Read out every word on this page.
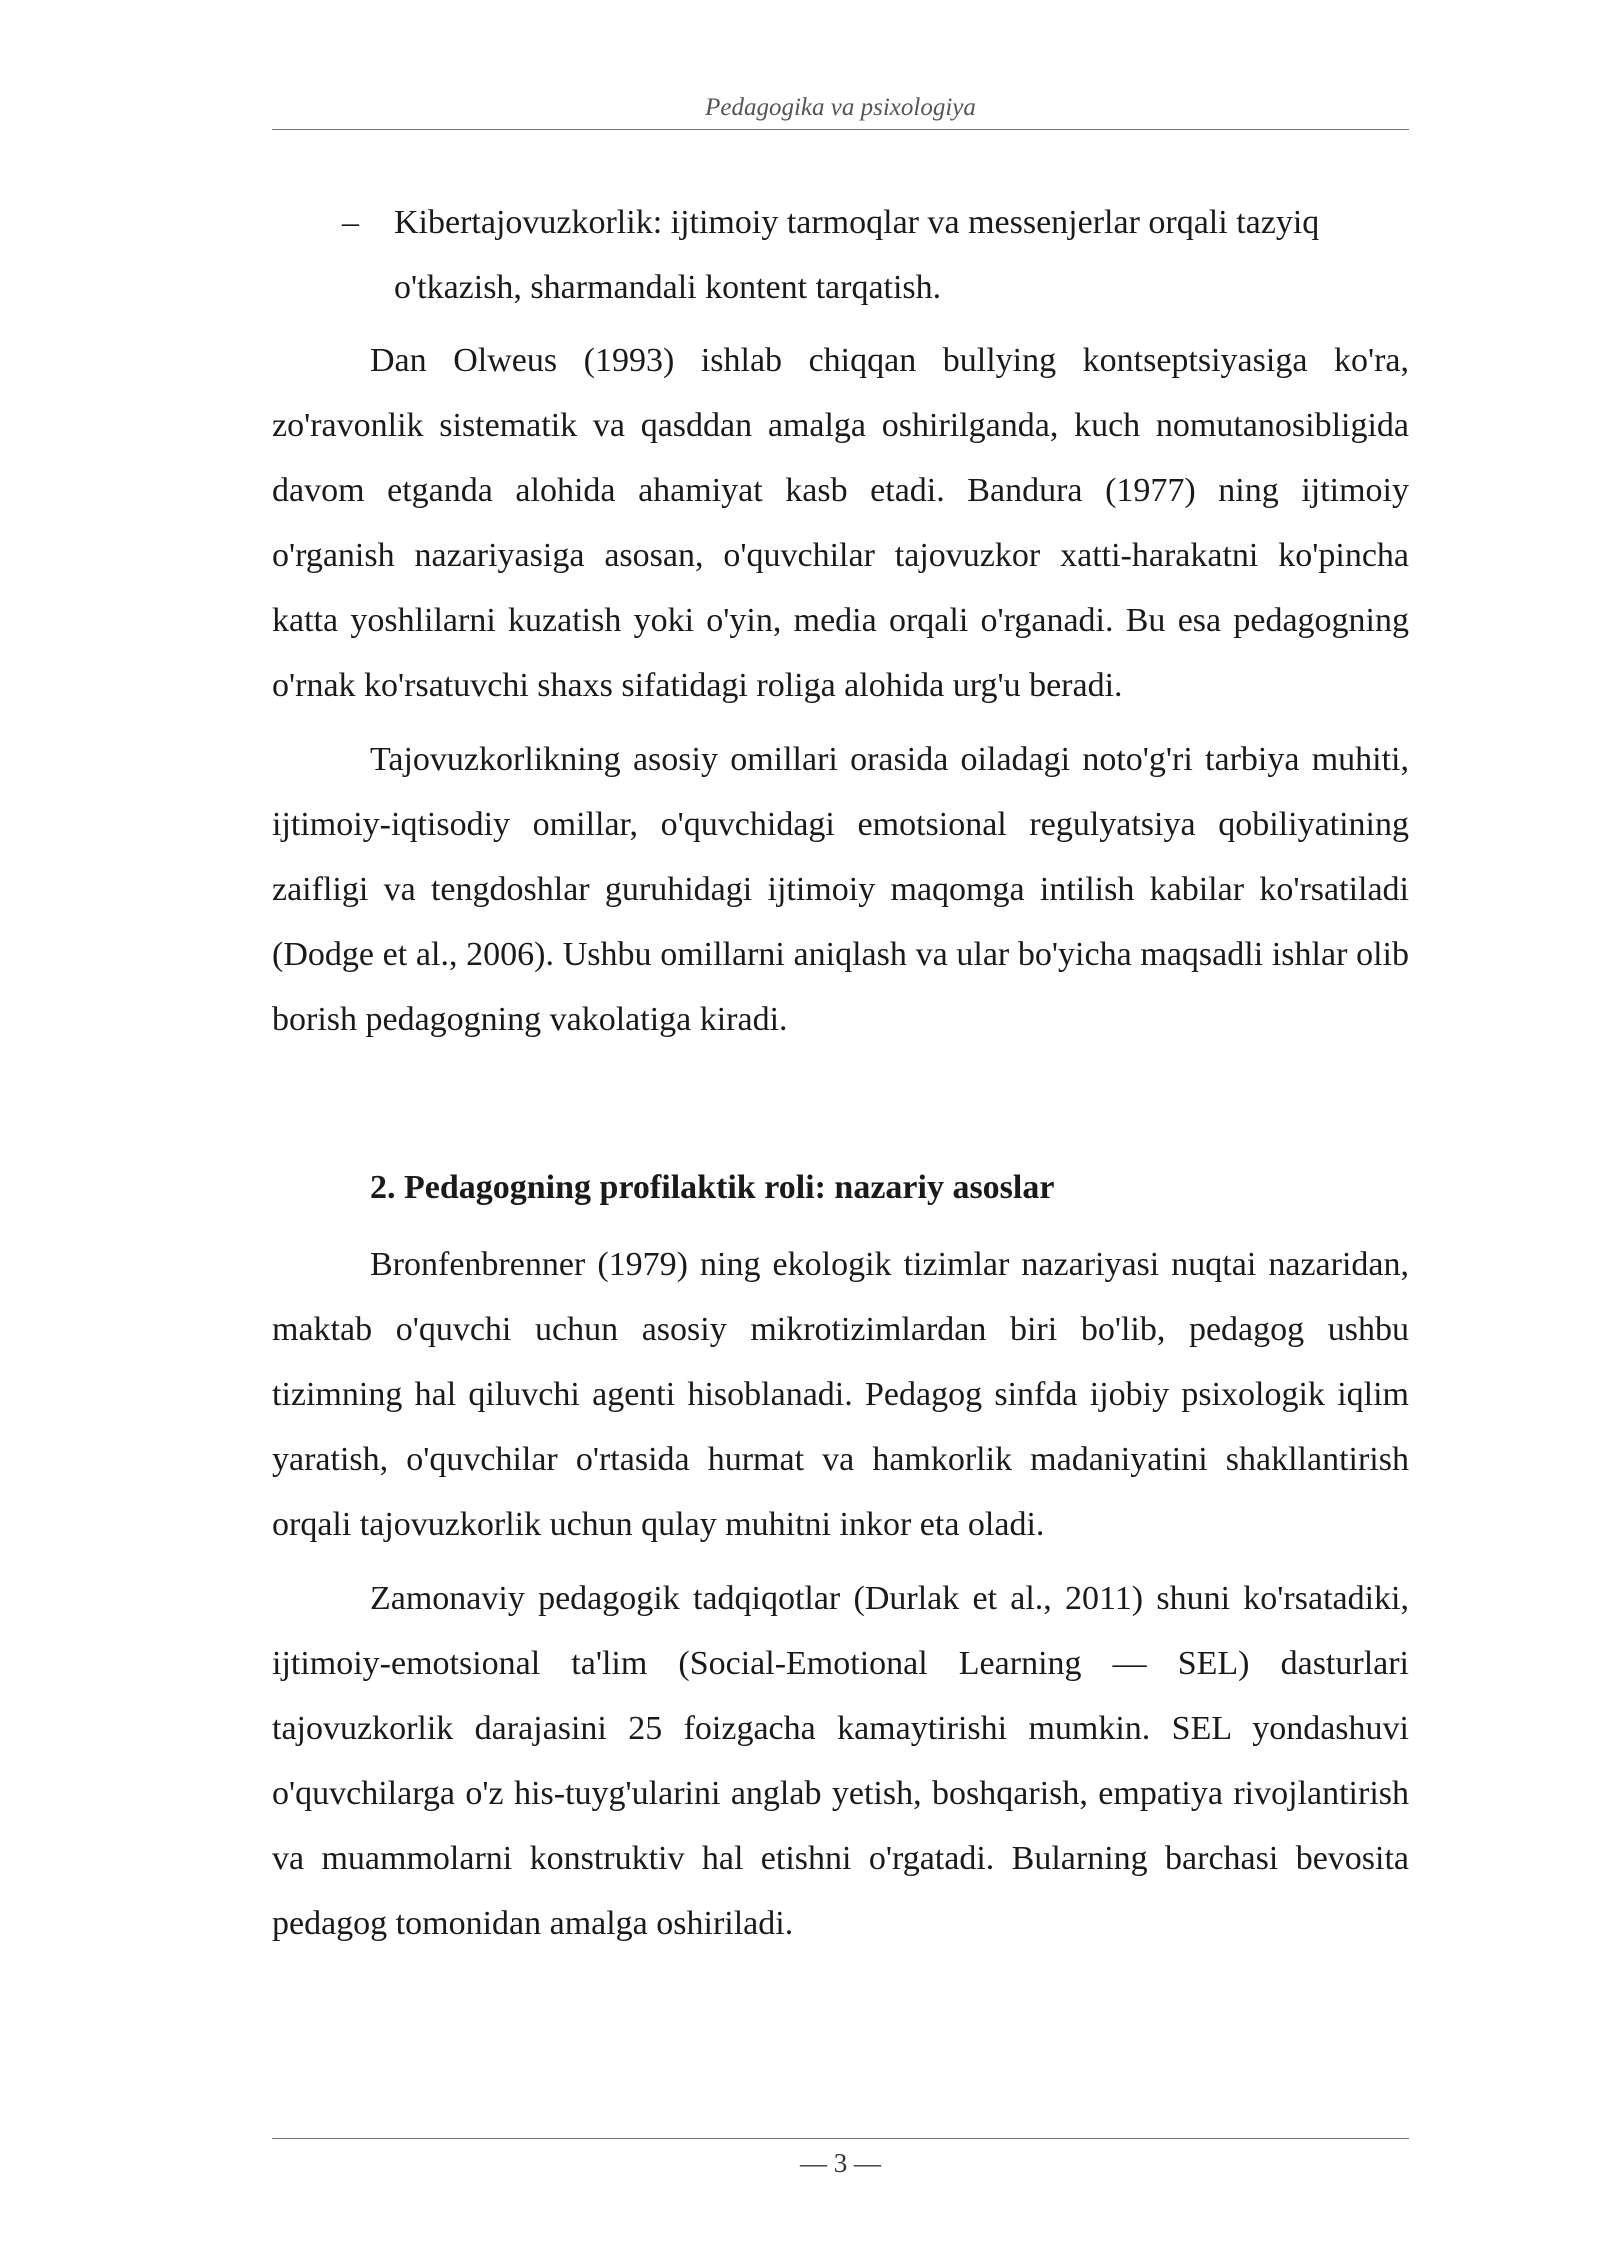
Pedagogika va psixologiya
– Kibertajovuzkorlik: ijtimoiy tarmoqlar va messenjerlar orqali tazyiq o'tkazish, sharmandali kontent tarqatish.

Dan Olweus (1993) ishlab chiqqan bullying kontseptsiyasiga ko'ra, zo'ravonlik sistematik va qasddan amalga oshirilganda, kuch nomutanosibligida davom etganda alohida ahamiyat kasb etadi. Bandura (1977) ning ijtimoiy o'rganish nazariyasiga asosan, o'quvchilar tajovuzkor xatti-harakatni ko'pincha katta yoshlilarni kuzatish yoki o'yin, media orqali o'rganadi. Bu esa pedagogning o'rnak ko'rsatuvchi shaxs sifatidagi roliga alohida urg'u beradi.

Tajovuzkorlikning asosiy omillari orasida oiladagi noto'g'ri tarbiya muhiti, ijtimoiy-iqtisodiy omillar, o'quvchidagi emotsional regulyatsiya qobiliyatining zaifligi va tengdoshlar guruhidagi ijtimoiy maqomga intilish kabilar ko'rsatiladi (Dodge et al., 2006). Ushbu omillarni aniqlash va ular bo'yicha maqsadli ishlar olib borish pedagogning vakolatiga kiradi.

2. Pedagogning profilaktik roli: nazariy asoslar

Bronfenbrenner (1979) ning ekologik tizimlar nazariyasi nuqtai nazaridan, maktab o'quvchi uchun asosiy mikrotizimlardan biri bo'lib, pedagog ushbu tizimning hal qiluvchi agenti hisoblanadi. Pedagog sinfda ijobiy psixologik iqlim yaratish, o'quvchilar o'rtasida hurmat va hamkorlik madaniyatini shakllantirish orqali tajovuzkorlik uchun qulay muhitni inkor eta oladi.

Zamonaviy pedagogik tadqiqotlar (Durlak et al., 2011) shuni ko'rsatadiki, ijtimoiy-emotsional ta'lim (Social-Emotional Learning — SEL) dasturlari tajovuzkorlik darajasini 25 foizgacha kamaytirishi mumkin. SEL yondashuvi o'quvchilarga o'z his-tuyg'ularini anglab yetish, boshqarish, empatiya rivojlantirish va muammolarni konstruktiv hal etishni o'rgatadi. Bularning barchasi bevosita pedagog tomonidan amalga oshiriladi.

— 3 —
